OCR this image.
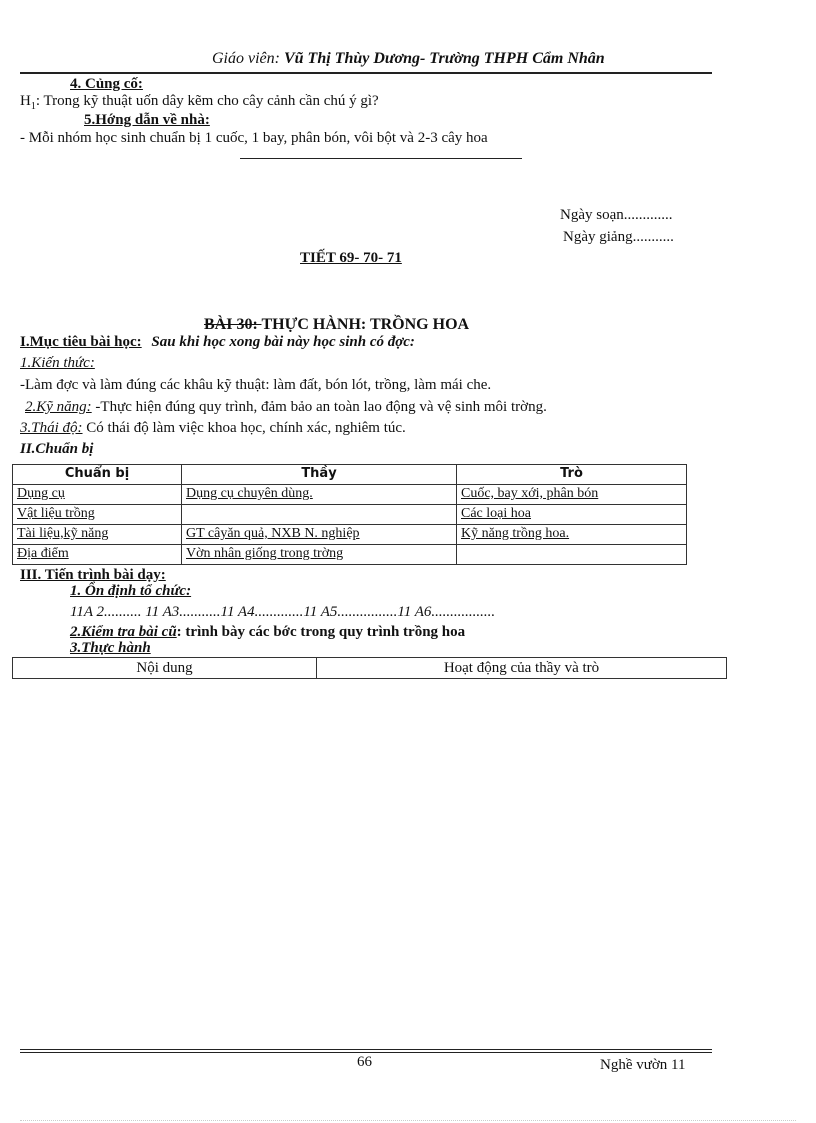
Giáo viên: Vũ Thị Thùy Dương- Trường THPH Cẩm Nhân
4. Củng cố:
$H_1$: Trong kỹ thuật uốn dây kẽm cho cây cảnh cần chú ý gì?
5.Hớng dẫn về nhà:
- Mỗi nhóm học sinh chuẩn bị 1 cuốc, 1 bay, phân bón, vôi bột và 2-3 cây hoa
Ngày soạn.............
Ngày giảng...........
TIẾT 69- 70- 71
BÀI 30: THỰC HÀNH: TRỒNG HOA
I.Mục tiêu bài học: Sau khi học xong bài này học sinh có đợc:
1.Kiến thức:
-Làm đợc và làm đúng các khâu kỹ thuật: làm đất, bón lót, trồng, làm mái che.
2.Kỹ năng: -Thực hiện đúng quy trình, đảm bảo an toàn lao động và vệ sinh môi trờng.
3.Thái độ: Có thái độ làm việc khoa học, chính xác, nghiêm túc.
II.Chuẩn bị
Chuẩn bị	Thầy	Trò
Dụng cụ	Dụng cụ chuyên dùng.	Cuốc, bay xới, phân bón
Vật liệu trồng		Các loại hoa
Tài liệu,kỹ năng	GT câyăn quả, NXB N. nghiệp	Kỹ năng trồng hoa.
Địa điểm	Vờn nhân giống trong trờng	
III. Tiến trình bài dạy:
1. Ổn định tổ chức:
11A 2.......... 11 A3...........11 A4.............11 A5................11 A6.................
2.Kiểm tra bài cũ: trình bày các bớc trong quy trình trồng hoa
3.Thực hành
Nội dung	Hoạt động của thầy và trò
66	Nghề vườn 11
